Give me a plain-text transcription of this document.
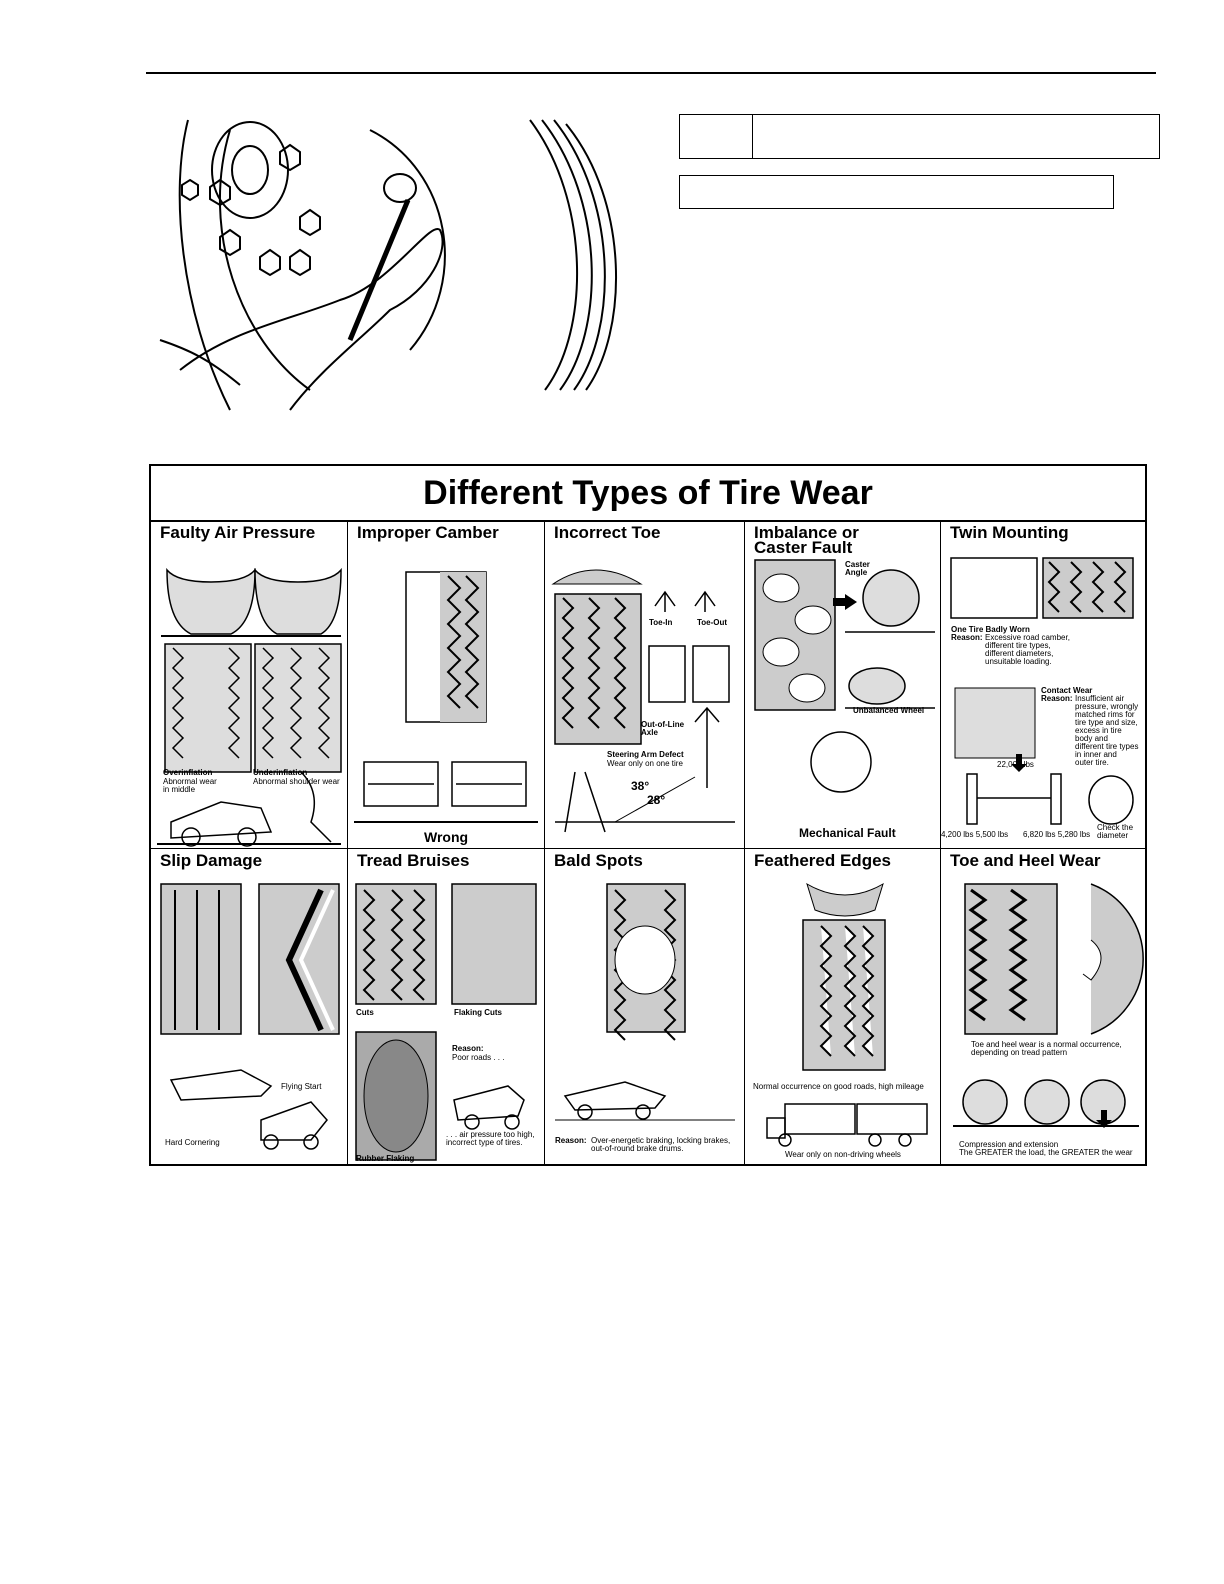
Different Types of Tire Wear
Faulty Air Pressure
Overinflation
Abnormal wear
in middle
Underinflation
Abnormal shoulder wear
Improper Camber
Wrong
Incorrect Toe
Toe-In	Toe-Out
Out-of-Line
Axle
Steering Arm Defect
Wear only on one tire
38°
28°
Imbalance or
Caster Fault
Caster
Angle
Unbalanced Wheel
Mechanical Fault
Twin Mounting
One Tire Badly Worn
Reason: Excessive road camber,
different tire types,
different diameters,
unsuitable loading.
Contact Wear
Reason: Insufficient air
pressure, wrongly
matched rims for
tire type and size,
excess in tire
body and
different tire types
in inner and
outer tire.
22,000 lbs
4,200 lbs 5,500 lbs 6,820 lbs 5,280 lbs
Check the
diameter
Slip Damage
Flying Start
Hard Cornering
Tread Bruises
Cuts	Flaking Cuts
Reason:
Poor roads . . .
. . . air pressure too high,
incorrect type of tires.
Rubber Flaking
Bald Spots
Reason: Over-energetic braking, locking brakes,
out-of-round brake drums.
Feathered Edges
Normal occurrence on good roads, high mileage
Wear only on non-driving wheels
Toe and Heel Wear
Toe and heel wear is a normal occurrence,
depending on tread pattern
Compression and extension
The GREATER the load, the GREATER the wear
